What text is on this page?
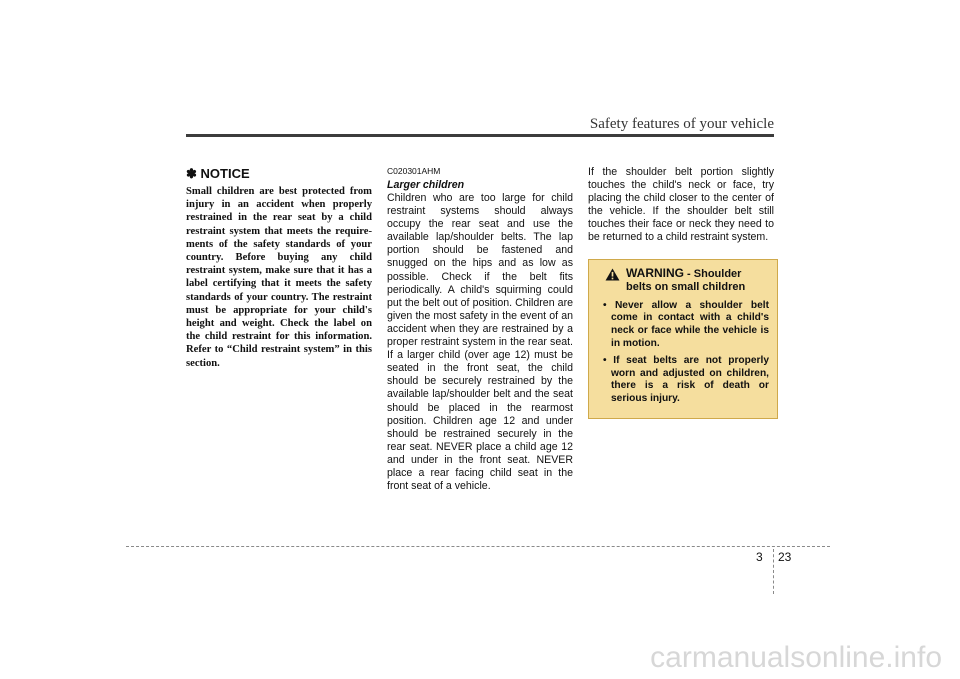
Safety features of your vehicle
✽ NOTICE

Small children are best protected from injury in an accident when properly restrained in the rear seat by a child restraint system that meets the requirements of the safety standards of your country. Before buying any child restraint system, make sure that it has a label certifying that it meets the safety standards of your country. The restraint must be appropriate for your child's height and weight. Check the label on the child restraint for this information. Refer to “Child restraint system” in this section.

C020301AHM
Larger children

Children who are too large for child restraint systems should always occupy the rear seat and use the available lap/shoulder belts. The lap portion should be fastened and snugged on the hips and as low as possible. Check if the belt fits periodically. A child's squirming could put the belt out of position. Children are given the most safety in the event of an accident when they are restrained by a proper restraint system in the rear seat. If a larger child (over age 12) must be seated in the front seat, the child should be securely restrained by the available lap/shoulder belt and the seat should be placed in the rearmost position. Children age 12 and under should be restrained securely in the rear seat. NEVER place a child age 12 and under in the front seat. NEVER place a rear facing child seat in the front seat of a vehicle.

If the shoulder belt portion slightly touches the child's neck or face, try placing the child closer to the center of the vehicle. If the shoulder belt still touches their face or neck they need to be returned to a child restraint system.

WARNING - Shoulder belts on small children
• Never allow a shoulder belt come in contact with a child's neck or face while the vehicle is in motion.
• If seat belts are not properly worn and adjusted on children, there is a risk of death or serious injury.
3 23
carmanualsonline.info
